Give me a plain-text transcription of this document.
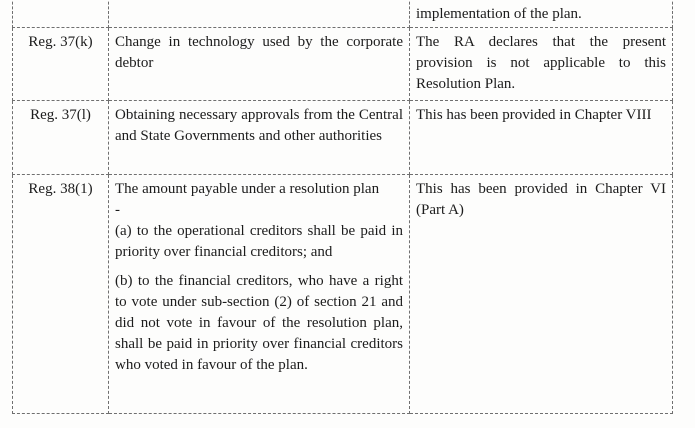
		implementation of the plan.
Reg. 37(k)	Change in technology used by the corporate debtor	The RA declares that the present provision is not applicable to this Resolution Plan.
Reg. 37(l)	Obtaining necessary approvals from the Central and State Governments and other authorities	This has been provided in Chapter VIII
Reg. 38(1)	The amount payable under a resolution plan

-

(a) to the operational creditors shall be paid in priority over financial creditors; and

(b) to the financial creditors, who have a right to vote under sub-section (2) of section 21 and did not vote in favour of the resolution plan, shall be paid in priority over financial creditors who voted in favour of the plan.	This has been provided in Chapter VI (Part A)
